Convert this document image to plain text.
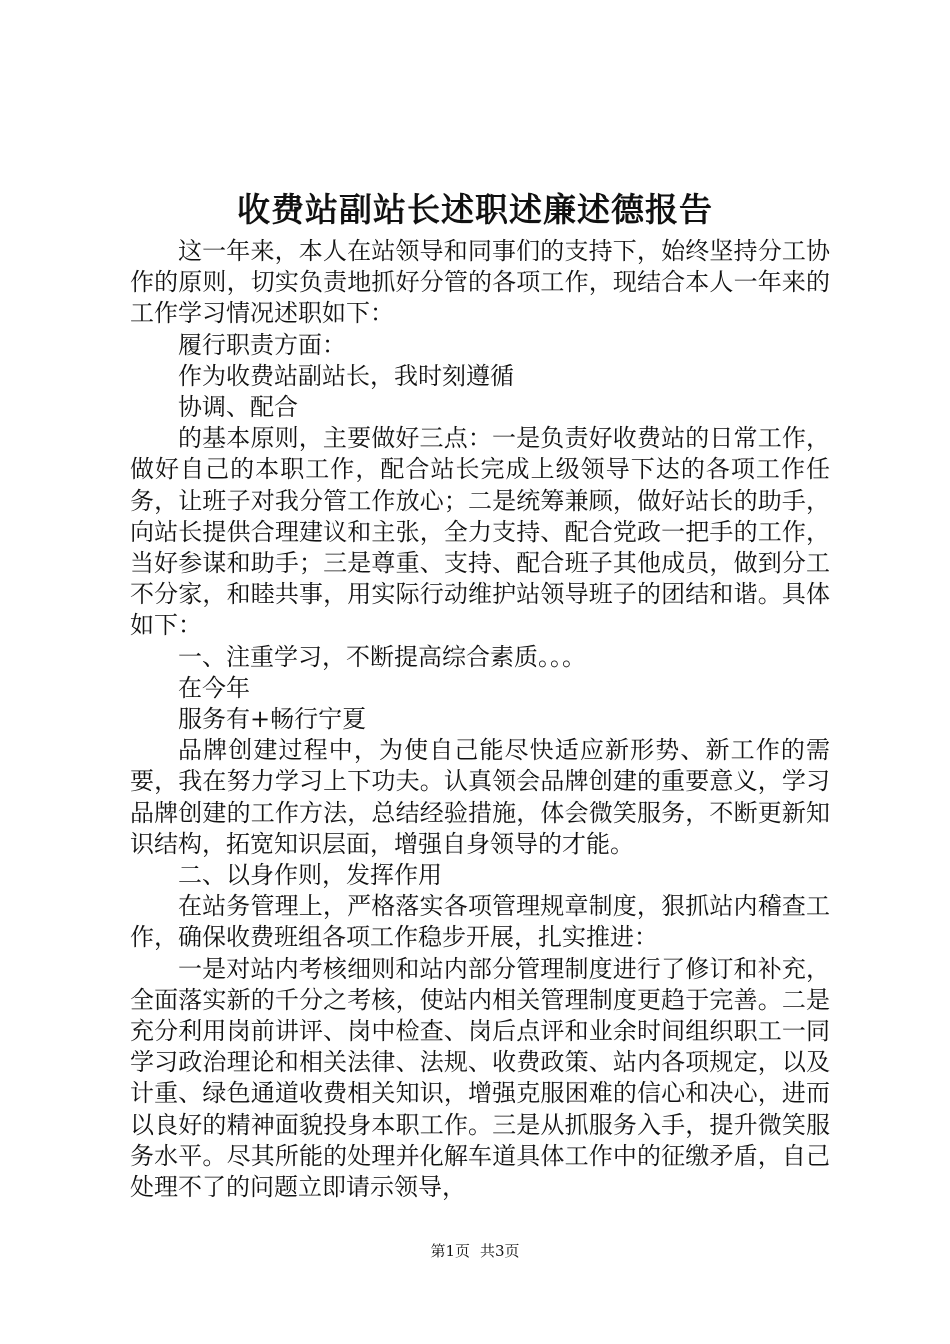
收费站副站长述职述廉述德报告

这一年来，本人在站领导和同事们的支持下，始终坚持分工协作的原则，切实负责地抓好分管的各项工作，现结合本人一年来的工作学习情况述职如下：

履行职责方面：

作为收费站副站长，我时刻遵循

协调、配合

的基本原则，主要做好三点：一是负责好收费站的日常工作，做好自己的本职工作，配合站长完成上级领导下达的各项工作任务，让班子对我分管工作放心；二是统筹兼顾，做好站长的助手，向站长提供合理建议和主张，全力支持、配合党政一把手的工作，当好参谋和助手；三是尊重、支持、配合班子其他成员，做到分工不分家，和睦共事，用实际行动维护站领导班子的团结和谐。具体如下：

一、注重学习，不断提高综合素质。。。

在今年

服务有+畅行宁夏

品牌创建过程中，为使自己能尽快适应新形势、新工作的需要，我在努力学习上下功夫。认真领会品牌创建的重要意义，学习品牌创建的工作方法，总结经验措施，体会微笑服务，不断更新知识结构，拓宽知识层面，增强自身领导的才能。

二、以身作则，发挥作用

在站务管理上，严格落实各项管理规章制度，狠抓站内稽查工作，确保收费班组各项工作稳步开展，扎实推进：

一是对站内考核细则和站内部分管理制度进行了修订和补充，全面落实新的千分之考核，使站内相关管理制度更趋于完善。二是充分利用岗前讲评、岗中检查、岗后点评和业余时间组织职工一同学习政治理论和相关法律、法规、收费政策、站内各项规定，以及计重、绿色通道收费相关知识，增强克服困难的信心和决心，进而以良好的精神面貌投身本职工作。三是从抓服务入手，提升微笑服务水平。尽其所能的处理并化解车道具体工作中的征缴矛盾，自己处理不了的问题立即请示领导，

第1页 共3页
